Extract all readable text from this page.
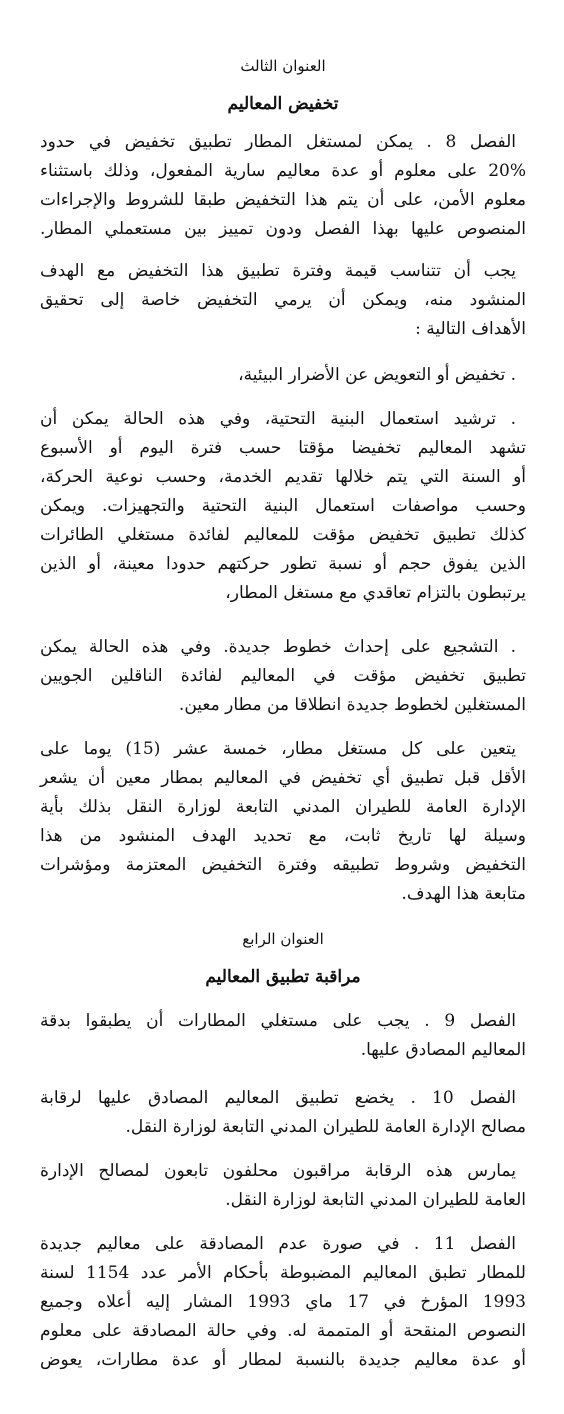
العنوان الثالث
تخفيض المعاليم
الفصل 8 . يمكن لمستغل المطار تطبيق تخفيض في حدود
20% على معلوم أو عدة معاليم سارية المفعول، وذلك باستثناء
معلوم الأمن، على أن يتم هذا التخفيض طبقا للشروط والإجراءات
المنصوص عليها بهذا الفصل ودون تمييز بين مستعملي المطار.
يجب أن تتناسب قيمة وفترة تطبيق هذا التخفيض مع الهدف
المنشود منه، ويمكن أن يرمي التخفيض خاصة إلى تحقيق
الأهداف التالية :
. تخفيض أو التعويض عن الأضرار البيئية،
. ترشيد استعمال البنية التحتية، وفي هذه الحالة يمكن أن
تشهد المعاليم تخفيضا مؤقتا حسب فترة اليوم أو الأسبوع
أو السنة التي يتم خلالها تقديم الخدمة، وحسب نوعية الحركة،
وحسب مواصفات استعمال البنية التحتية والتجهيزات. ويمكن
كذلك تطبيق تخفيض مؤقت للمعاليم لفائدة مستغلي الطائرات
الذين يفوق حجم أو نسبة تطور حركتهم حدودا معينة، أو الذين
يرتبطون بالتزام تعاقدي مع مستغل المطار،
. التشجيع على إحداث خطوط جديدة. وفي هذه الحالة يمكن
تطبيق تخفيض مؤقت في المعاليم لفائدة الناقلين الجويين
المستغلين لخطوط جديدة انطلاقا من مطار معين.
يتعين على كل مستغل مطار، خمسة عشر (15) يوما على
الأقل قبل تطبيق أي تخفيض في المعاليم بمطار معين أن يشعر
الإدارة العامة للطيران المدني التابعة لوزارة النقل بذلك بأية
وسيلة لها تاريخ ثابت، مع تحديد الهدف المنشود من هذا
التخفيض وشروط تطبيقه وفترة التخفيض المعتزمة ومؤشرات
متابعة هذا الهدف.
العنوان الرابع
مراقبة تطبيق المعاليم
الفصل 9 . يجب على مستغلي المطارات أن يطبقوا بدقة
المعاليم المصادق عليها.
الفصل 10 . يخضع تطبيق المعاليم المصادق عليها لرقابة
مصالح الإدارة العامة للطيران المدني التابعة لوزارة النقل.
يمارس هذه الرقابة مراقبون محلفون تابعون لمصالح الإدارة
العامة للطيران المدني التابعة لوزارة النقل.
الفصل 11 . في صورة عدم المصادقة على معاليم جديدة
للمطار تطبق المعاليم المضبوطة بأحكام الأمر عدد 1154 لسنة
1993 المؤرخ في 17 ماي 1993 المشار إليه أعلاه وجميع
النصوص المنقحة أو المتممة له. وفي حالة المصادقة على معلوم
أو عدة معاليم جديدة بالنسبة لمطار أو عدة مطارات، يعوض
